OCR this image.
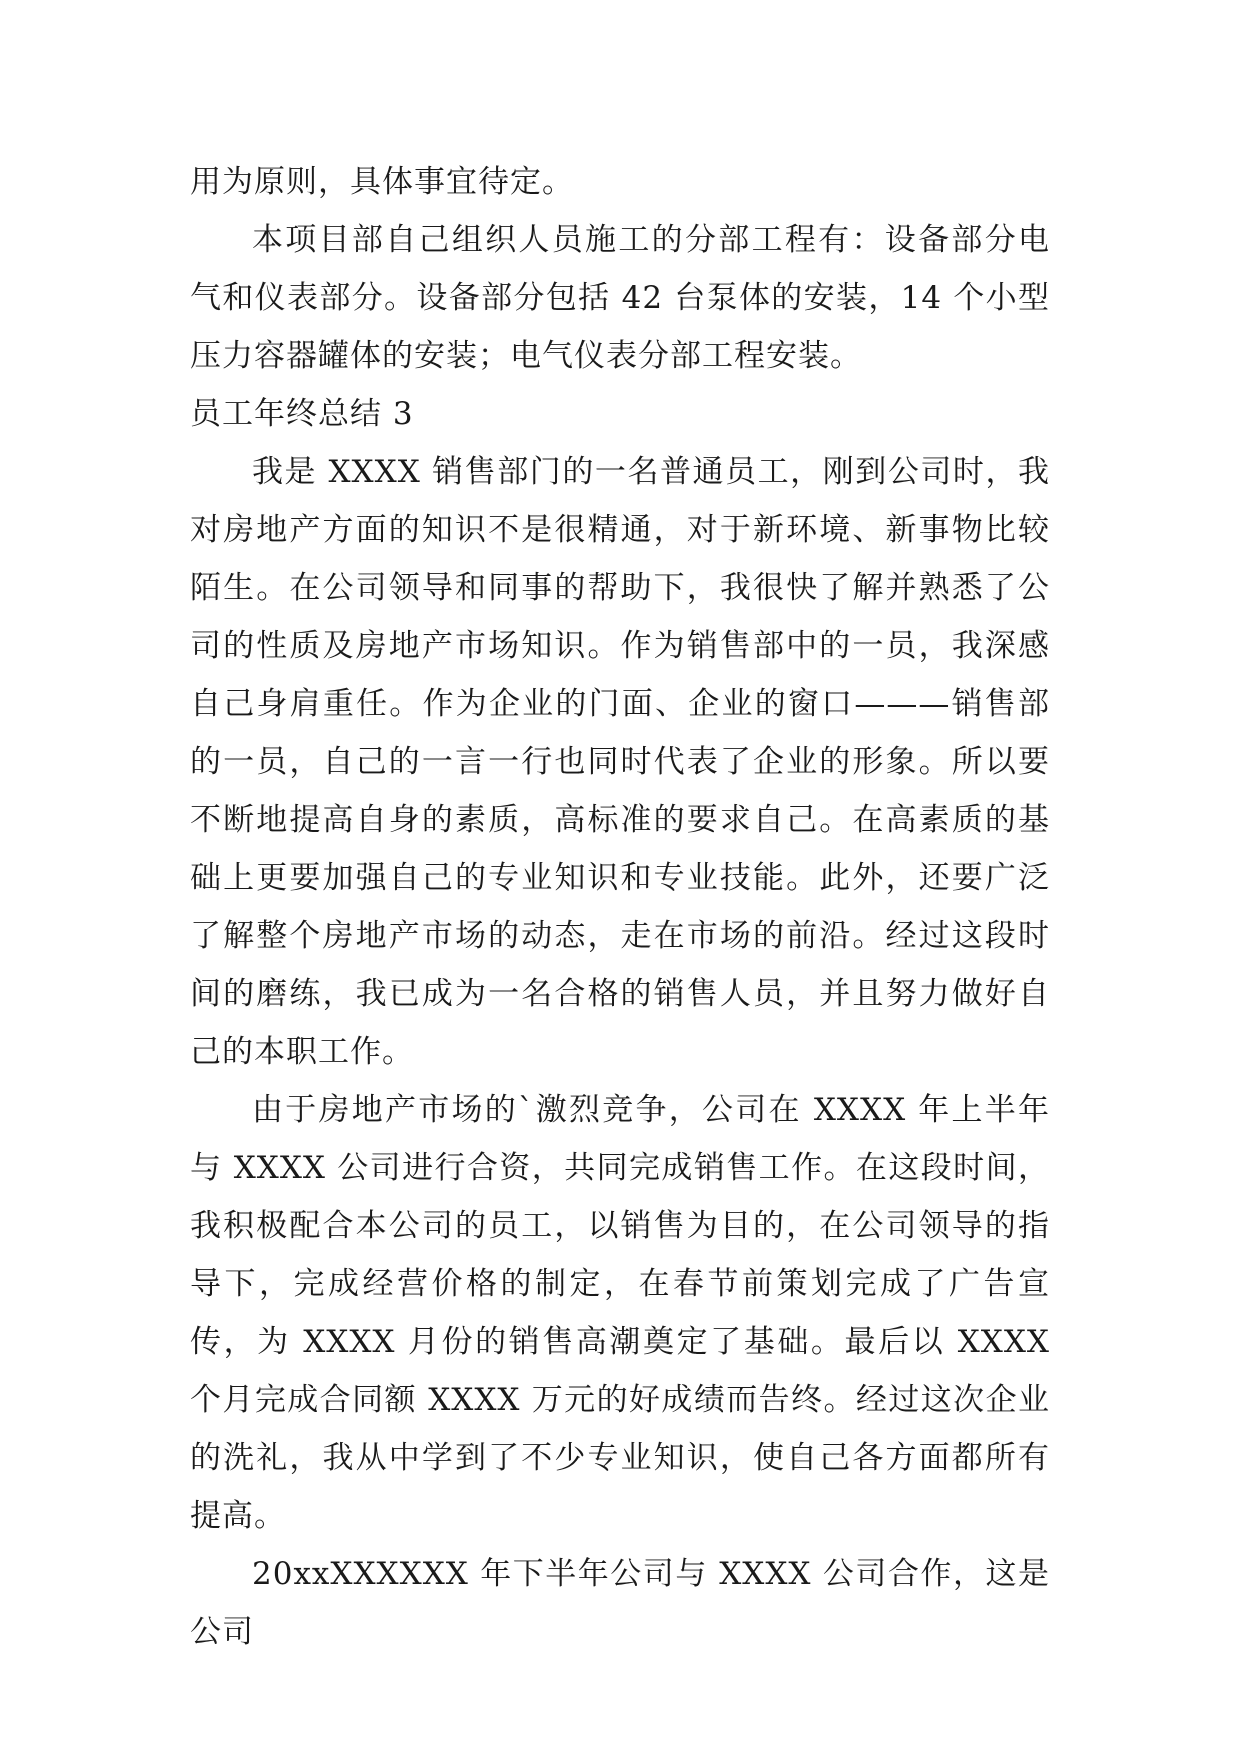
用为原则，具体事宜待定。

本项目部自己组织人员施工的分部工程有：设备部分电气和仪表部分。设备部分包括 42 台泵体的安装，14 个小型压力容器罐体的安装；电气仪表分部工程安装。

员工年终总结 3

我是 XXXX 销售部门的一名普通员工，刚到公司时，我对房地产方面的知识不是很精通，对于新环境、新事物比较陌生。在公司领导和同事的帮助下，我很快了解并熟悉了公司的性质及房地产市场知识。作为销售部中的一员，我深感自己身肩重任。作为企业的门面、企业的窗口———销售部的一员，自己的一言一行也同时代表了企业的形象。所以要不断地提高自身的素质，高标准的要求自己。在高素质的基础上更要加强自己的专业知识和专业技能。此外，还要广泛了解整个房地产市场的动态，走在市场的前沿。经过这段时间的磨练，我已成为一名合格的销售人员，并且努力做好自己的本职工作。

由于房地产市场的`激烈竞争，公司在 XXXX 年上半年与 XXXX 公司进行合资，共同完成销售工作。在这段时间，我积极配合本公司的员工，以销售为目的，在公司领导的指导下，完成经营价格的制定，在春节前策划完成了广告宣传，为 XXXX 月份的销售高潮奠定了基础。最后以 XXXX 个月完成合同额 XXXX 万元的好成绩而告终。经过这次企业的洗礼，我从中学到了不少专业知识，使自己各方面都所有提高。

20xxXXXXXX 年下半年公司与 XXXX 公司合作，这是公司
